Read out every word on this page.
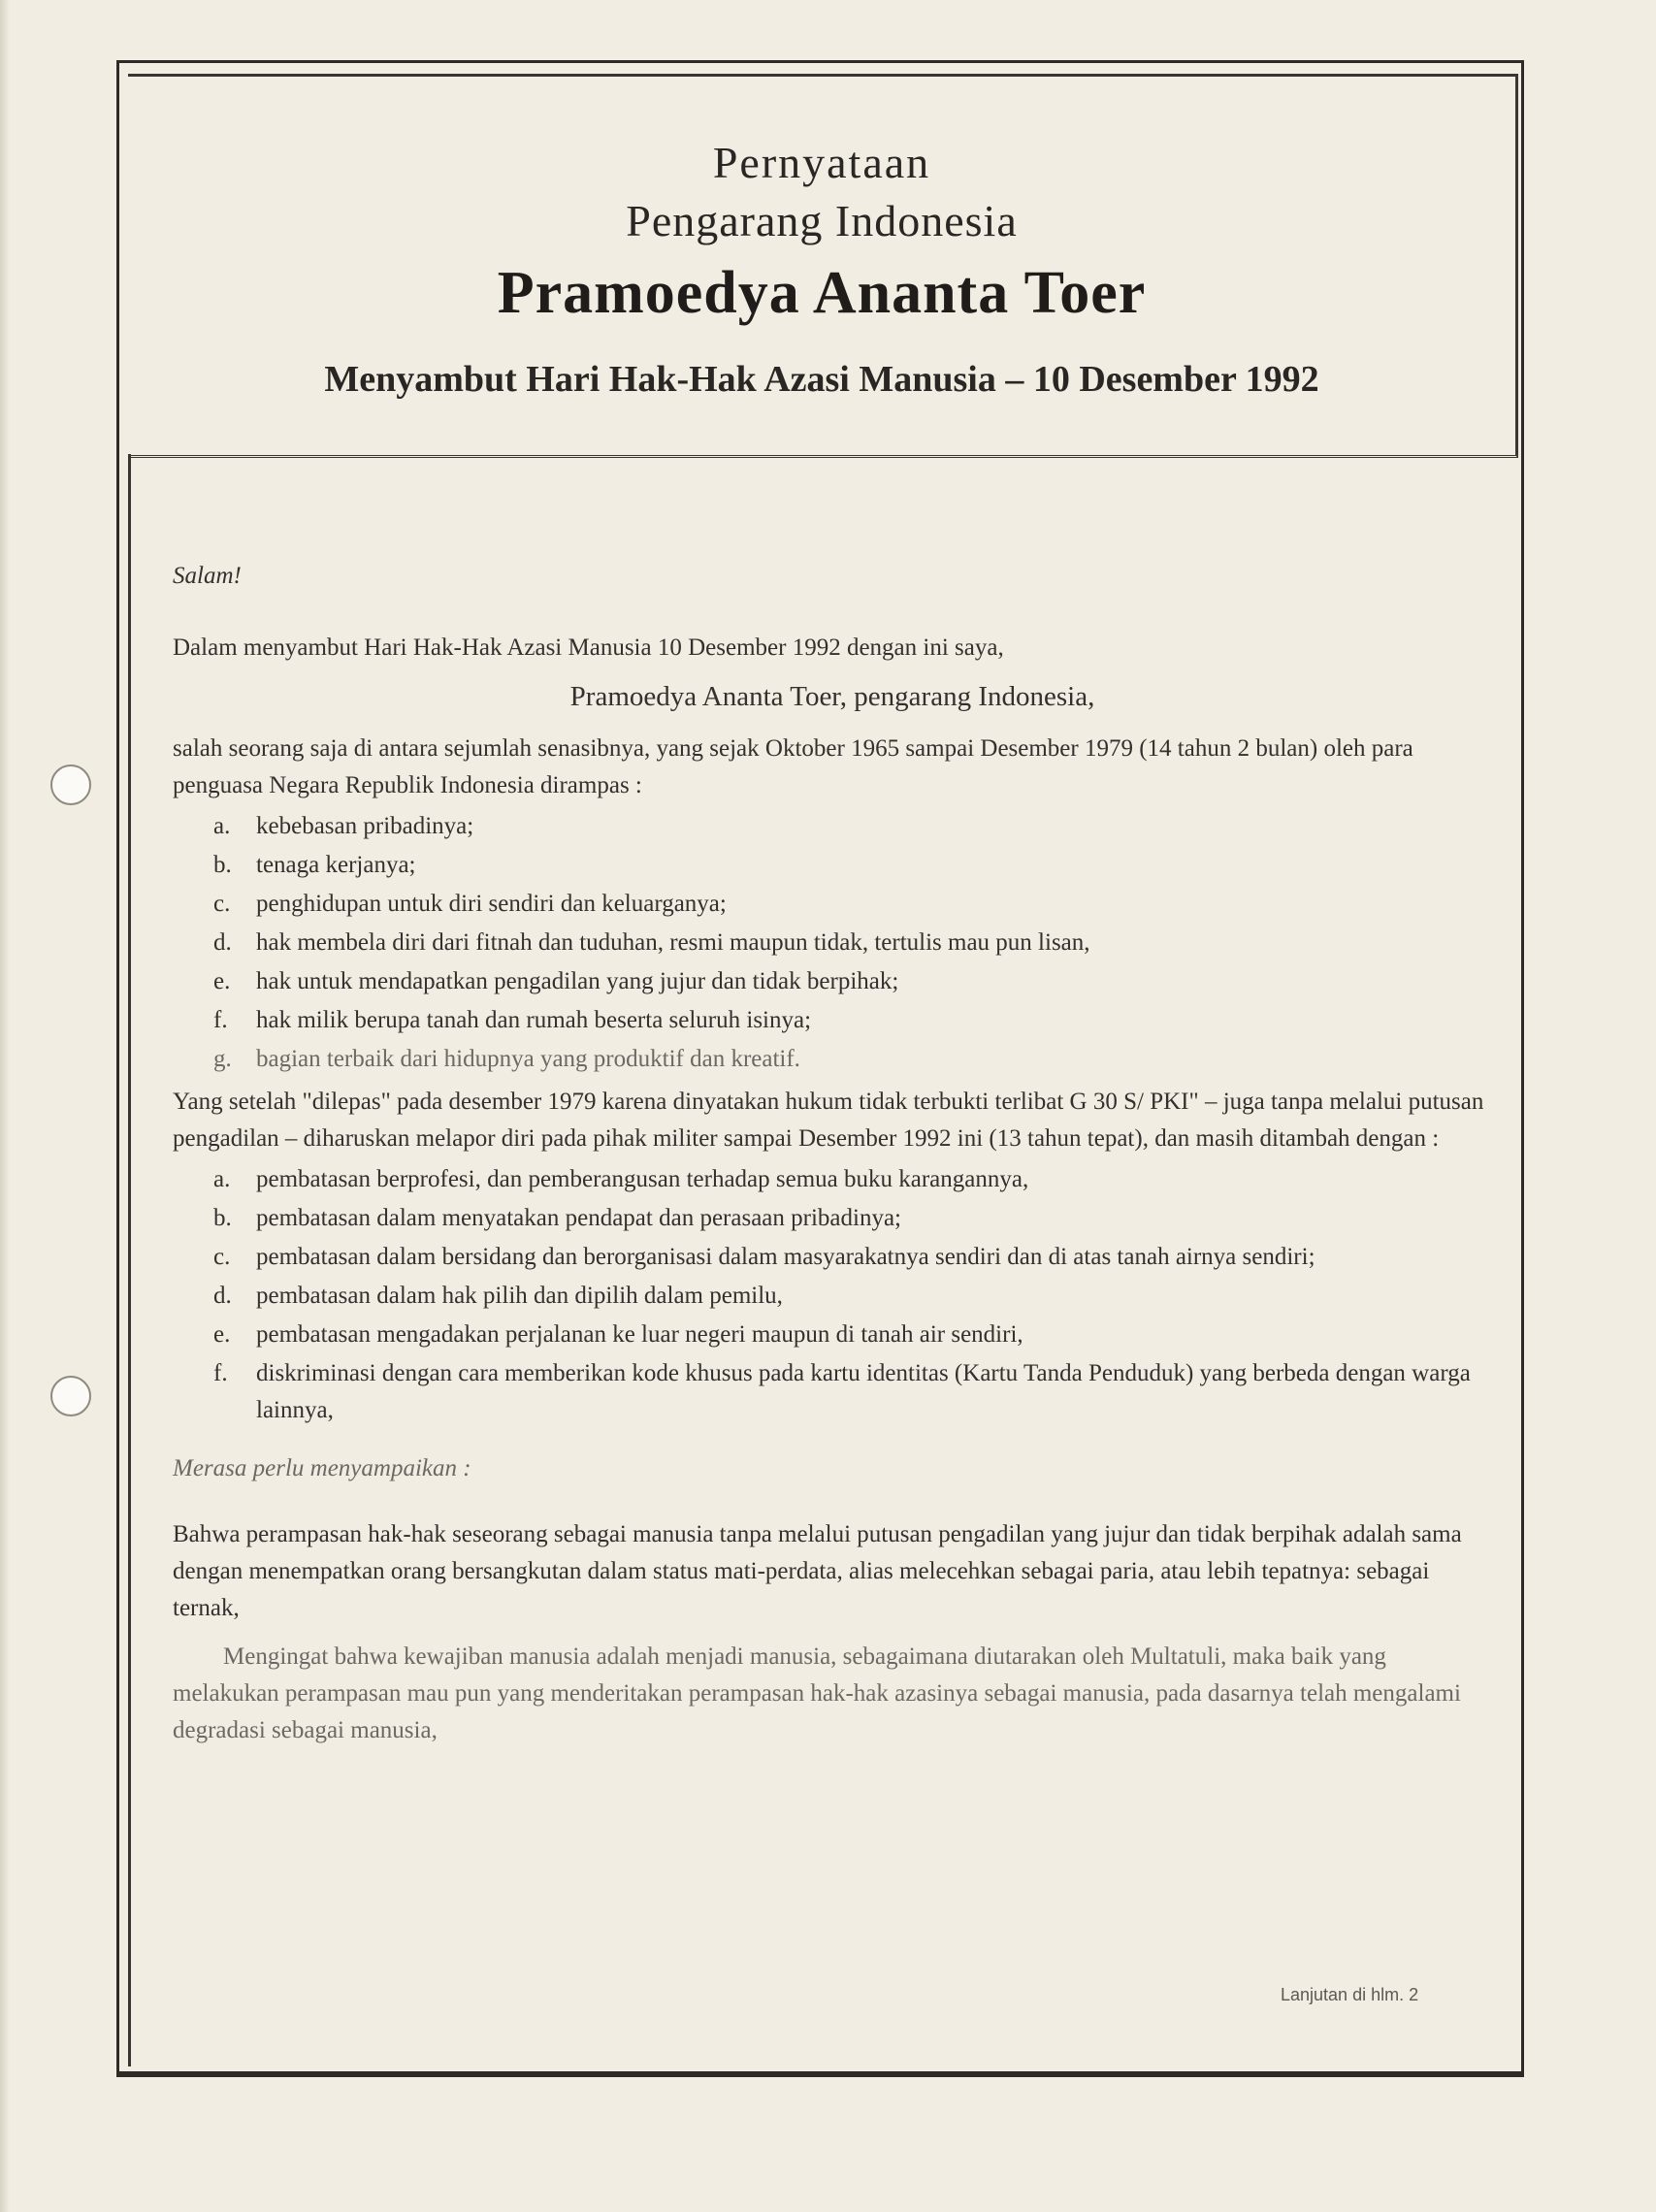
Pernyataan
Pengarang Indonesia
Pramoedya Ananta Toer
Menyambut Hari Hak-Hak Azasi Manusia – 10 Desember 1992

Salam!

Dalam menyambut Hari Hak-Hak Azasi Manusia 10 Desember 1992 dengan ini saya,

Pramoedya Ananta Toer, pengarang Indonesia,

salah seorang saja di antara sejumlah senasibnya, yang sejak Oktober 1965 sampai Desember 1979 (14 tahun 2 bulan) oleh para penguasa Negara Republik Indonesia dirampas :

a. kebebasan pribadinya;
b. tenaga kerjanya;
c. penghidupan untuk diri sendiri dan keluarganya;
d. hak membela diri dari fitnah dan tuduhan, resmi maupun tidak, tertulis mau pun lisan,
e. hak untuk mendapatkan pengadilan yang jujur dan tidak berpihak;
f. hak milik berupa tanah dan rumah beserta seluruh isinya;
g. bagian terbaik dari hidupnya yang produktif dan kreatif.

Yang setelah "dilepas" pada desember 1979 karena dinyatakan hukum tidak terbukti terlibat G 30 S/ PKI" – juga tanpa melalui putusan pengadilan – diharuskan melapor diri pada pihak militer sampai Desember 1992 ini (13 tahun tepat), dan masih ditambah dengan :

a. pembatasan berprofesi, dan pemberangusan terhadap semua buku karangannya,
b. pembatasan dalam menyatakan pendapat dan perasaan pribadinya;
c. pembatasan dalam bersidang dan berorganisasi dalam masyarakatnya sendiri dan di atas tanah airnya sendiri;
d. pembatasan dalam hak pilih dan dipilih dalam pemilu,
e. pembatasan mengadakan perjalanan ke luar negeri maupun di tanah air sendiri,
f. diskriminasi dengan cara memberikan kode khusus pada kartu identitas (Kartu Tanda Penduduk) yang berbeda dengan warga lainnya,

Merasa perlu menyampaikan :

Bahwa perampasan hak-hak seseorang sebagai manusia tanpa melalui putusan pengadilan yang jujur dan tidak berpihak adalah sama dengan menempatkan orang bersangkutan dalam status mati-perdata, alias melecehkan sebagai paria, atau lebih tepatnya: sebagai ternak,

Mengingat bahwa kewajiban manusia adalah menjadi manusia, sebagaimana diutarakan oleh Multatuli, maka baik yang melakukan perampasan mau pun yang menderitakan perampasan hak-hak azasinya sebagai manusia, pada dasarnya telah mengalami degradasi sebagai manusia,

Lanjutan di hlm. 2
